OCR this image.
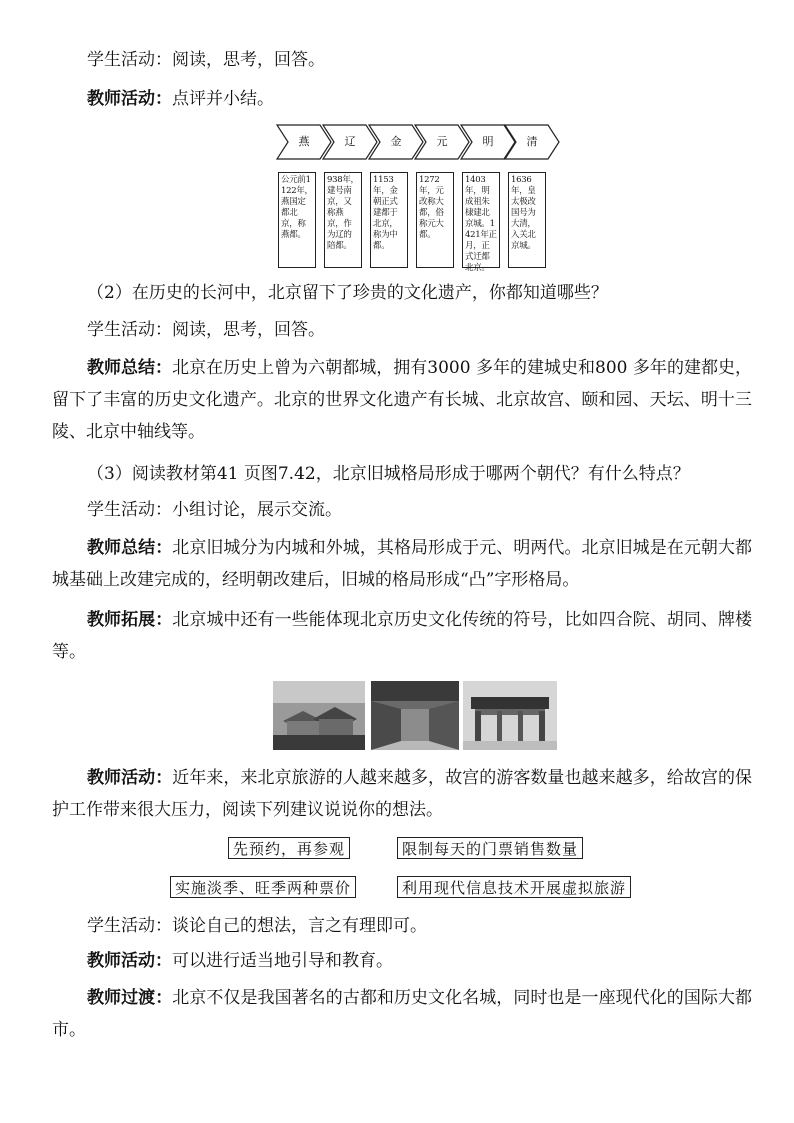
学生活动：阅读，思考，回答。
教师活动：点评并小结。
燕	辽	金	元	明	清
公元前1122年，燕国定都北京，称燕都。
938年，建号南京，又称燕京，作为辽的陪都。
1153年，金朝正式建都于北京，称为中都。
1272年，元改称大都，俗称元大都。
1403年，明成祖朱棣建北京城。1421年正月，正式迁都北京。
1636年，皇太极改国号为大清，入关北京城。
（2）在历史的长河中，北京留下了珍贵的文化遗产，你都知道哪些？
学生活动：阅读，思考，回答。
教师总结：北京在历史上曾为六朝都城，拥有3000 多年的建城史和800 多年的建都史，留下了丰富的历史文化遗产。北京的世界文化遗产有长城、北京故宫、颐和园、天坛、明十三陵、北京中轴线等。
（3）阅读教材第41 页图7.42，北京旧城格局形成于哪两个朝代？有什么特点？
学生活动：小组讨论，展示交流。
教师总结：北京旧城分为内城和外城，其格局形成于元、明两代。北京旧城是在元朝大都城基础上改建完成的，经明朝改建后，旧城的格局形成“凸”字形格局。
教师拓展：北京城中还有一些能体现北京历史文化传统的符号，比如四合院、胡同、牌楼等。
教师活动：近年来，来北京旅游的人越来越多，故宫的游客数量也越来越多，给故宫的保护工作带来很大压力，阅读下列建议说说你的想法。
先预约，再参观	限制每天的门票销售数量
实施淡季、旺季两种票价	利用现代信息技术开展虚拟旅游
学生活动：谈论自己的想法，言之有理即可。
教师活动：可以进行适当地引导和教育。
教师过渡：北京不仅是我国著名的古都和历史文化名城，同时也是一座现代化的国际大都市。
